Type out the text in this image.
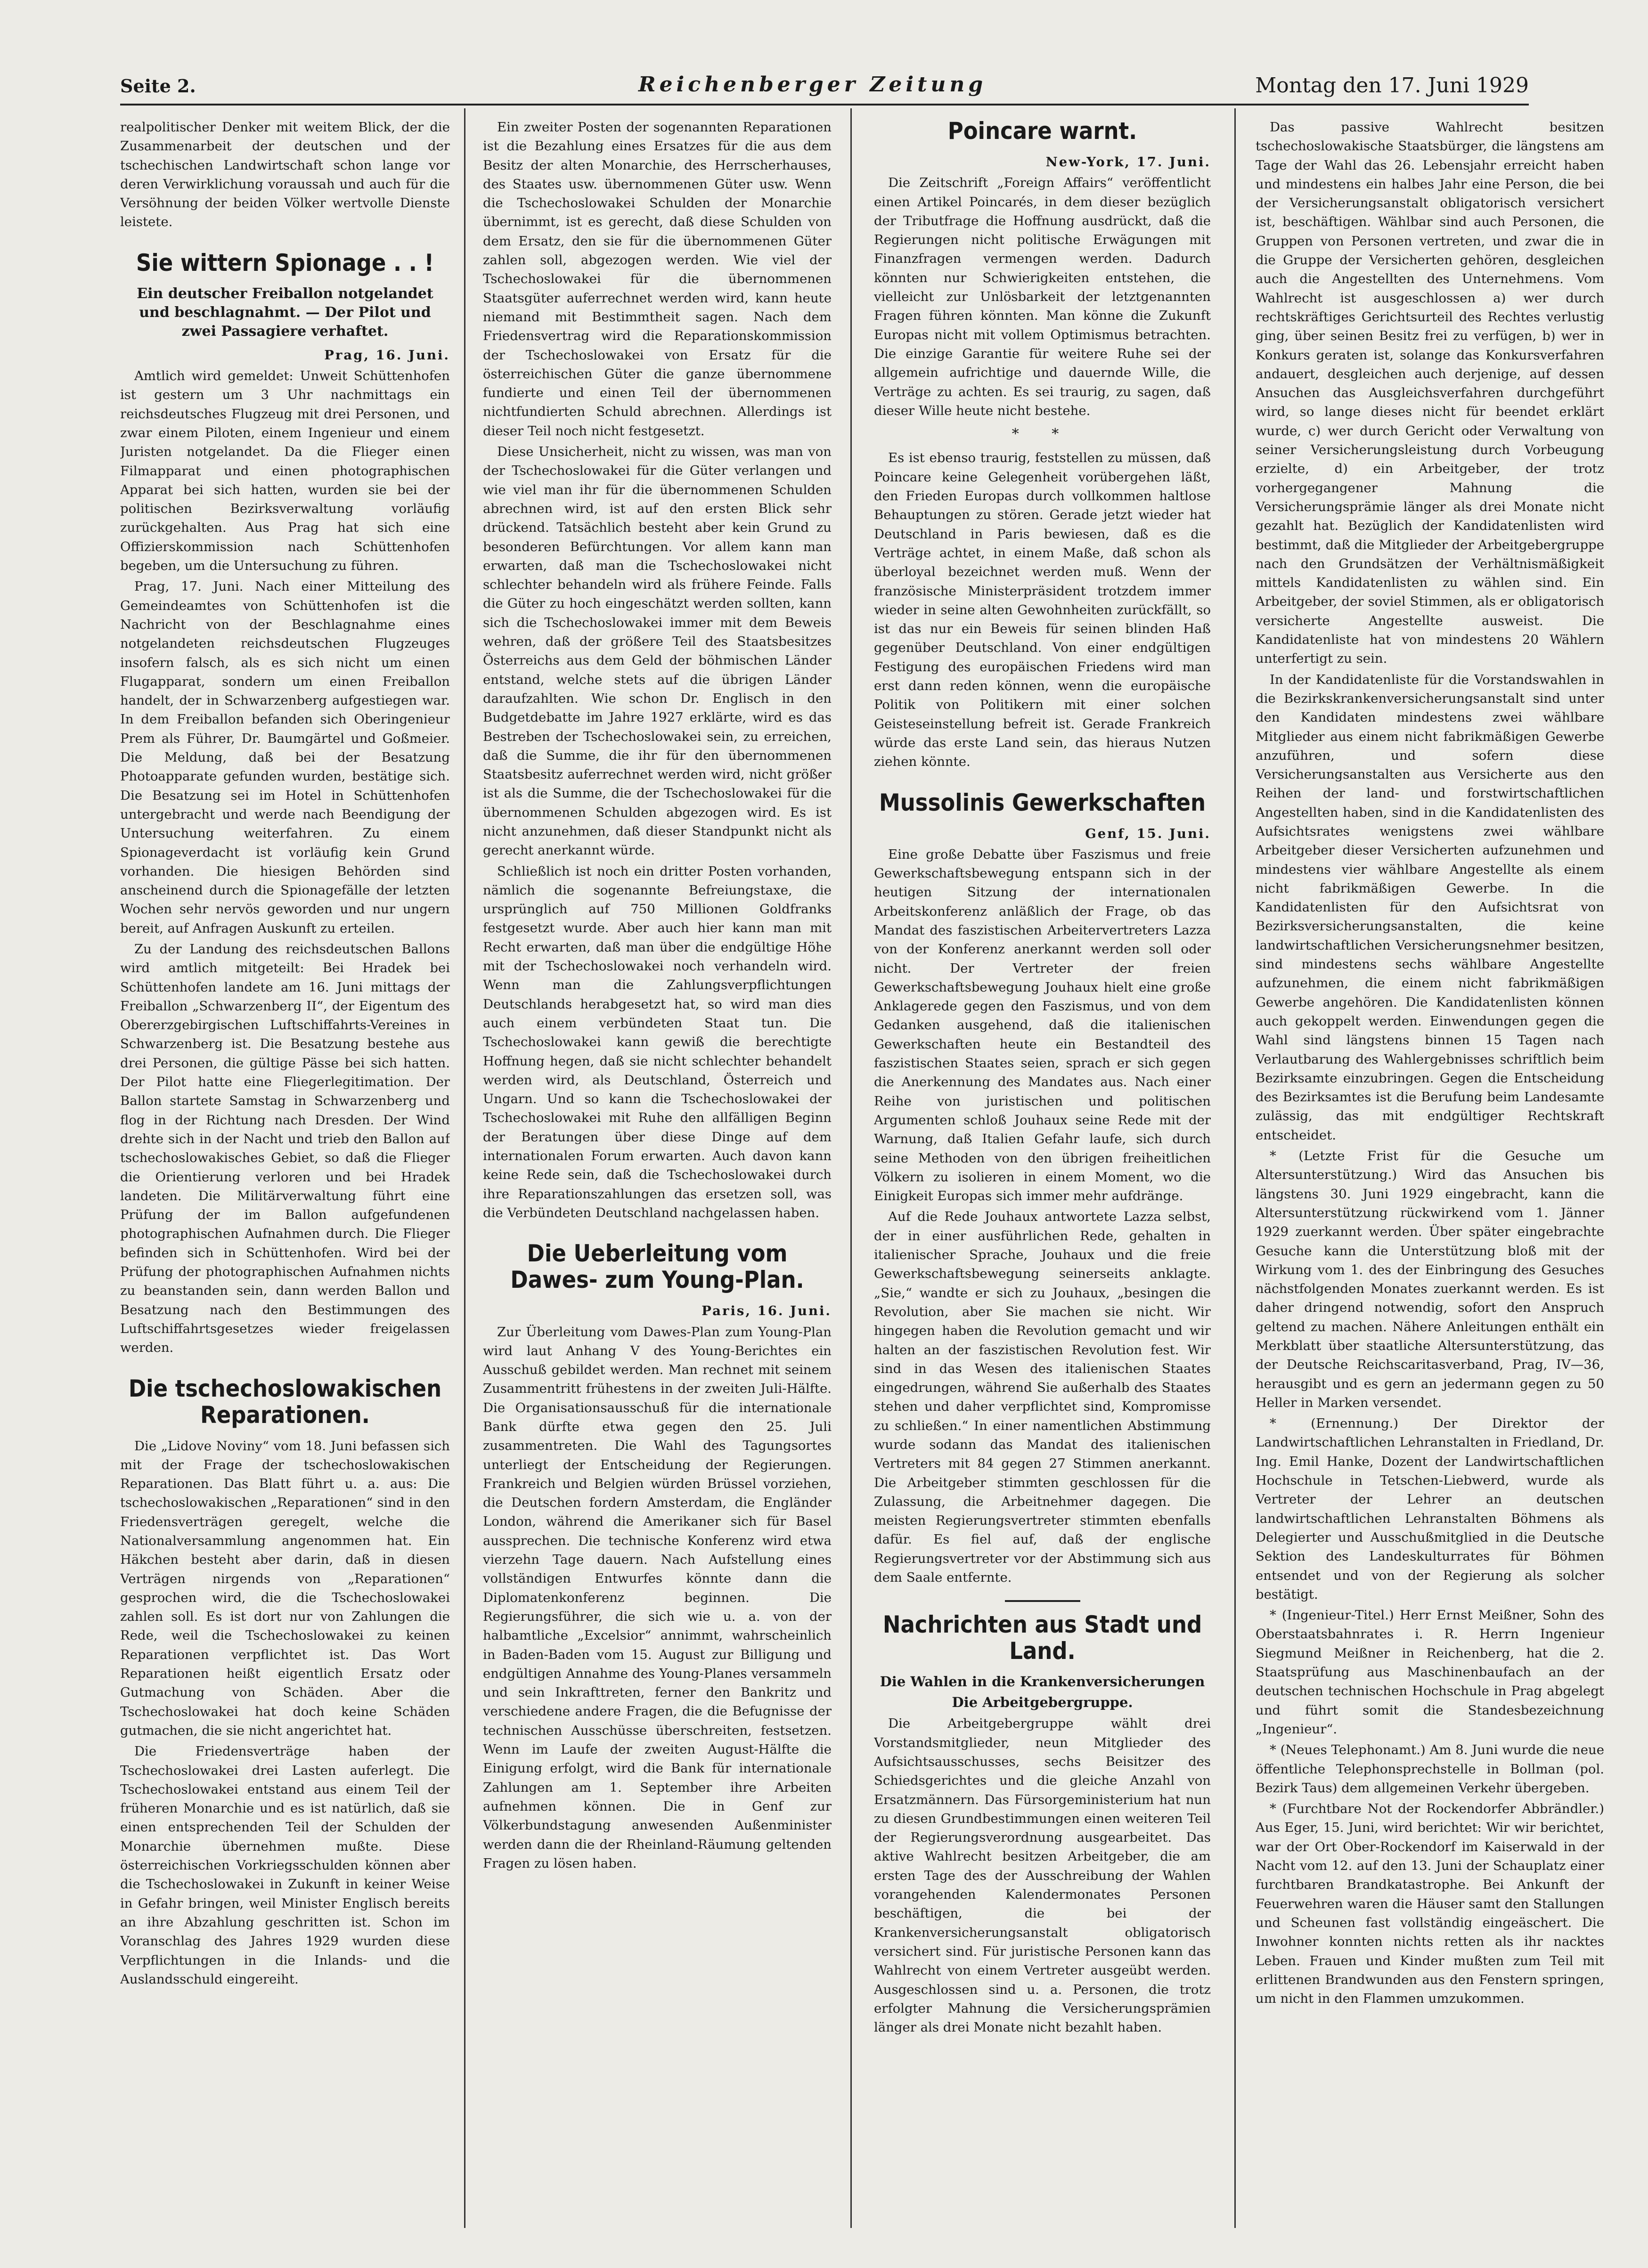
Seite 2.	Reichenberger Zeitung	Montag den 17. Juni 1929

realpolitischer Denker mit weitem Blick, der die Zusammenarbeit der deutschen und der tschechischen Landwirtschaft schon lange vor deren Verwirklichung voraussah und auch für die Versöhnung der beiden Völker wertvolle Dienste leistete.

Sie wittern Spionage . . !
Ein deutscher Freiballon notgelandet und beschlagnahmt. — Der Pilot und zwei Passagiere verhaftet.
Prag, 16. Juni.

Amtlich wird gemeldet: Unweit Schüttenhofen ist gestern um 3 Uhr nachmittags ein reichsdeutsches Flugzeug mit drei Personen, und zwar einem Piloten, einem Ingenieur und einem Juristen notgelandet. Da die Flieger einen Filmapparat und einen photographischen Apparat bei sich hatten, wurden sie bei der politischen Bezirksverwaltung vorläufig zurückgehalten. Aus Prag hat sich eine Offizierskommission nach Schüttenhofen begeben, um die Untersuchung zu führen.

Prag, 17. Juni. Nach einer Mitteilung des Gemeindeamtes von Schüttenhofen ist die Nachricht von der Beschlagnahme eines notgelandeten reichsdeutschen Flugzeuges insofern falsch, als es sich nicht um einen Flugapparat, sondern um einen Freiballon handelt, der in Schwarzenberg aufgestiegen war. In dem Freiballon befanden sich Oberingenieur Prem als Führer, Dr. Baumgärtel und Goßmeier. Die Meldung, daß bei der Besatzung Photoapparate gefunden wurden, bestätige sich. Die Besatzung sei im Hotel in Schüttenhofen untergebracht und werde nach Beendigung der Untersuchung weiterfahren. Zu einem Spionageverdacht ist vorläufig kein Grund vorhanden. Die hiesigen Behörden sind anscheinend durch die Spionagefälle der letzten Wochen sehr nervös geworden und nur ungern bereit, auf Anfragen Auskunft zu erteilen.

Zu der Landung des reichsdeutschen Ballons wird amtlich mitgeteilt: Bei Hradek bei Schüttenhofen landete am 16. Juni mittags der Freiballon „Schwarzenberg II“, der Eigentum des Obererzgebirgischen Luftschiffahrts-Vereines in Schwarzenberg ist. Die Besatzung bestehe aus drei Personen, die gültige Pässe bei sich hatten. Der Pilot hatte eine Fliegerlegitimation. Der Ballon startete Samstag in Schwarzenberg und flog in der Richtung nach Dresden. Der Wind drehte sich in der Nacht und trieb den Ballon auf tschechoslowakisches Gebiet, so daß die Flieger die Orientierung verloren und bei Hradek landeten. Die Militärverwaltung führt eine Prüfung der im Ballon aufgefundenen photographischen Aufnahmen durch. Die Flieger befinden sich in Schüttenhofen. Wird bei der Prüfung der photographischen Aufnahmen nichts zu beanstanden sein, dann werden Ballon und Besatzung nach den Bestimmungen des Luftschiffahrtsgesetzes wieder freigelassen werden.

Die tschechoslowakischen Reparationen.

Die „Lidove Noviny“ vom 18. Juni befassen sich mit der Frage der tschechoslowakischen Reparationen. Das Blatt führt u. a. aus: Die tschechoslowakischen „Reparationen“ sind in den Friedensverträgen geregelt, welche die Nationalversammlung angenommen hat. Ein Häkchen besteht aber darin, daß in diesen Verträgen nirgends von „Reparationen“ gesprochen wird, die die Tschechoslowakei zahlen soll. Es ist dort nur von Zahlungen die Rede, weil die Tschechoslowakei zu keinen Reparationen verpflichtet ist. Das Wort Reparationen heißt eigentlich Ersatz oder Gutmachung von Schäden. Aber die Tschechoslowakei hat doch keine Schäden gutmachen, die sie nicht angerichtet hat.

Die Friedensverträge haben der Tschechoslowakei drei Lasten auferlegt. Die Tschechoslowakei entstand aus einem Teil der früheren Monarchie und es ist natürlich, daß sie einen entsprechenden Teil der Schulden der Monarchie übernehmen mußte. Diese österreichischen Vorkriegsschulden können aber die Tschechoslowakei in Zukunft in keiner Weise in Gefahr bringen, weil Minister Englisch bereits an ihre Abzahlung geschritten ist. Schon im Voranschlag des Jahres 1929 wurden diese Verpflichtungen in die Inlands- und die Auslandsschuld eingereiht.

Ein zweiter Posten der sogenannten Reparationen ist die Bezahlung eines Ersatzes für die aus dem Besitz der alten Monarchie, des Herrscherhauses, des Staates usw. übernommenen Güter usw. Wenn die Tschechoslowakei Schulden der Monarchie übernimmt, ist es gerecht, daß diese Schulden von dem Ersatz, den sie für die übernommenen Güter zahlen soll, abgezogen werden. Wie viel der Tschechoslowakei für die übernommenen Staatsgüter auferrechnet werden wird, kann heute niemand mit Bestimmtheit sagen. Nach dem Friedensvertrag wird die Reparationskommission der Tschechoslowakei von Ersatz für die österreichischen Güter die ganze übernommene fundierte und einen Teil der übernommenen nichtfundierten Schuld abrechnen. Allerdings ist dieser Teil noch nicht festgesetzt.

Diese Unsicherheit, nicht zu wissen, was man von der Tschechoslowakei für die Güter verlangen und wie viel man ihr für die übernommenen Schulden abrechnen wird, ist auf den ersten Blick sehr drückend. Tatsächlich besteht aber kein Grund zu besonderen Befürchtungen. Vor allem kann man erwarten, daß man die Tschechoslowakei nicht schlechter behandeln wird als frühere Feinde. Falls die Güter zu hoch eingeschätzt werden sollten, kann sich die Tschechoslowakei immer mit dem Beweis wehren, daß der größere Teil des Staatsbesitzes Österreichs aus dem Geld der böhmischen Länder entstand, welche stets auf die übrigen Länder daraufzahlten. Wie schon Dr. Englisch in den Budgetdebatte im Jahre 1927 erklärte, wird es das Bestreben der Tschechoslowakei sein, zu erreichen, daß die Summe, die ihr für den übernommenen Staatsbesitz auferrechnet werden wird, nicht größer ist als die Summe, die der Tschechoslowakei für die übernommenen Schulden abgezogen wird. Es ist nicht anzunehmen, daß dieser Standpunkt nicht als gerecht anerkannt würde.

Schließlich ist noch ein dritter Posten vorhanden, nämlich die sogenannte Befreiungstaxe, die ursprünglich auf 750 Millionen Goldfranks festgesetzt wurde. Aber auch hier kann man mit Recht erwarten, daß man über die endgültige Höhe mit der Tschechoslowakei noch verhandeln wird. Wenn man die Zahlungsverpflichtungen Deutschlands herabgesetzt hat, so wird man dies auch einem verbündeten Staat tun. Die Tschechoslowakei kann gewiß die berechtigte Hoffnung hegen, daß sie nicht schlechter behandelt werden wird, als Deutschland, Österreich und Ungarn. Und so kann die Tschechoslowakei der Tschechoslowakei mit Ruhe den allfälligen Beginn der Beratungen über diese Dinge auf dem internationalen Forum erwarten. Auch davon kann keine Rede sein, daß die Tschechoslowakei durch ihre Reparationszahlungen das ersetzen soll, was die Verbündeten Deutschland nachgelassen haben.

Die Ueberleitung vom Dawes- zum Young-Plan.
Paris, 16. Juni.

Zur Überleitung vom Dawes-Plan zum Young-Plan wird laut Anhang V des Young-Berichtes ein Ausschuß gebildet werden. Man rechnet mit seinem Zusammentritt frühestens in der zweiten Juli-Hälfte. Die Organisationsausschuß für die internationale Bank dürfte etwa gegen den 25. Juli zusammentreten. Die Wahl des Tagungsortes unterliegt der Entscheidung der Regierungen. Frankreich und Belgien würden Brüssel vorziehen, die Deutschen fordern Amsterdam, die Engländer London, während die Amerikaner sich für Basel aussprechen. Die technische Konferenz wird etwa vierzehn Tage dauern. Nach Aufstellung eines vollständigen Entwurfes könnte dann die Diplomatenkonferenz beginnen. Die Regierungsführer, die sich wie u. a. von der halbamtliche „Excelsior“ annimmt, wahrscheinlich in Baden-Baden vom 15. August zur Billigung und endgültigen Annahme des Young-Planes versammeln und sein Inkrafttreten, ferner den Bankritz und verschiedene andere Fragen, die die Befugnisse der technischen Ausschüsse überschreiten, festsetzen. Wenn im Laufe der zweiten August-Hälfte die Einigung erfolgt, wird die Bank für internationale Zahlungen am 1. September ihre Arbeiten aufnehmen können. Die in Genf zur Völkerbundstagung anwesenden Außenminister werden dann die der Rheinland-Räumung geltenden Fragen zu lösen haben.

Poincare warnt.
New-York, 17. Juni.

Die Zeitschrift „Foreign Affairs“ veröffentlicht einen Artikel Poincarés, in dem dieser bezüglich der Tributfrage die Hoffnung ausdrückt, daß die Regierungen nicht politische Erwägungen mit Finanzfragen vermengen werden. Dadurch könnten nur Schwierigkeiten entstehen, die vielleicht zur Unlösbarkeit der letztgenannten Fragen führen könnten. Man könne die Zukunft Europas nicht mit vollem Optimismus betrachten. Die einzige Garantie für weitere Ruhe sei der allgemein aufrichtige und dauernde Wille, die Verträge zu achten. Es sei traurig, zu sagen, daß dieser Wille heute nicht bestehe.

* *

Es ist ebenso traurig, feststellen zu müssen, daß Poincare keine Gelegenheit vorübergehen läßt, den Frieden Europas durch vollkommen haltlose Behauptungen zu stören. Gerade jetzt wieder hat Deutschland in Paris bewiesen, daß es die Verträge achtet, in einem Maße, daß schon als überloyal bezeichnet werden muß. Wenn der französische Ministerpräsident trotzdem immer wieder in seine alten Gewohnheiten zurückfällt, so ist das nur ein Beweis für seinen blinden Haß gegenüber Deutschland. Von einer endgültigen Festigung des europäischen Friedens wird man erst dann reden können, wenn die europäische Politik von Politikern mit einer solchen Geisteseinstellung befreit ist. Gerade Frankreich würde das erste Land sein, das hieraus Nutzen ziehen könnte.

Mussolinis Gewerkschaften
Genf, 15. Juni.

Eine große Debatte über Faszismus und freie Gewerkschaftsbewegung entspann sich in der heutigen Sitzung der internationalen Arbeitskonferenz anläßlich der Frage, ob das Mandat des faszistischen Arbeitervertreters Lazza von der Konferenz anerkannt werden soll oder nicht. Der Vertreter der freien Gewerkschaftsbewegung Jouhaux hielt eine große Anklagerede gegen den Faszismus, und von dem Gedanken ausgehend, daß die italienischen Gewerkschaften heute ein Bestandteil des faszistischen Staates seien, sprach er sich gegen die Anerkennung des Mandates aus. Nach einer Reihe von juristischen und politischen Argumenten schloß Jouhaux seine Rede mit der Warnung, daß Italien Gefahr laufe, sich durch seine Methoden von den übrigen freiheitlichen Völkern zu isolieren in einem Moment, wo die Einigkeit Europas sich immer mehr aufdränge.

Auf die Rede Jouhaux antwortete Lazza selbst, der in einer ausführlichen Rede, gehalten in italienischer Sprache, Jouhaux und die freie Gewerkschaftsbewegung seinerseits anklagte. „Sie,“ wandte er sich zu Jouhaux, „besingen die Revolution, aber Sie machen sie nicht. Wir hingegen haben die Revolution gemacht und wir halten an der faszistischen Revolution fest. Wir sind in das Wesen des italienischen Staates eingedrungen, während Sie außerhalb des Staates stehen und daher verpflichtet sind, Kompromisse zu schließen.“ In einer namentlichen Abstimmung wurde sodann das Mandat des italienischen Vertreters mit 84 gegen 27 Stimmen anerkannt. Die Arbeitgeber stimmten geschlossen für die Zulassung, die Arbeitnehmer dagegen. Die meisten Regierungsvertreter stimmten ebenfalls dafür. Es fiel auf, daß der englische Regierungsvertreter vor der Abstimmung sich aus dem Saale entfernte.

Nachrichten aus Stadt und Land.
Die Wahlen in die Krankenversicherungen
Die Arbeitgebergruppe.

Die Arbeitgebergruppe wählt drei Vorstandsmitglieder, neun Mitglieder des Aufsichtsausschusses, sechs Beisitzer des Schiedsgerichtes und die gleiche Anzahl von Ersatzmännern. Das Fürsorgeministerium hat nun zu diesen Grundbestimmungen einen weiteren Teil der Regierungsverordnung ausgearbeitet. Das aktive Wahlrecht besitzen Arbeitgeber, die am ersten Tage des der Ausschreibung der Wahlen vorangehenden Kalendermonates Personen beschäftigen, die bei der Krankenversicherungsanstalt obligatorisch versichert sind. Für juristische Personen kann das Wahlrecht von einem Vertreter ausgeübt werden. Ausgeschlossen sind u. a. Personen, die trotz erfolgter Mahnung die Versicherungsprämien länger als drei Monate nicht bezahlt haben.

Das passive Wahlrecht besitzen tschechoslowakische Staatsbürger, die längstens am Tage der Wahl das 26. Lebensjahr erreicht haben und mindestens ein halbes Jahr eine Person, die bei der Versicherungsanstalt obligatorisch versichert ist, beschäftigen. Wählbar sind auch Personen, die Gruppen von Personen vertreten, und zwar die in die Gruppe der Versicherten gehören, desgleichen auch die Angestellten des Unternehmens. Vom Wahlrecht ist ausgeschlossen a) wer durch rechtskräftiges Gerichtsurteil des Rechtes verlustig ging, über seinen Besitz frei zu verfügen, b) wer in Konkurs geraten ist, solange das Konkursverfahren andauert, desgleichen auch derjenige, auf dessen Ansuchen das Ausgleichsverfahren durchgeführt wird, so lange dieses nicht für beendet erklärt wurde, c) wer durch Gericht oder Verwaltung von seiner Versicherungsleistung durch Vorbeugung erzielte, d) ein Arbeitgeber, der trotz vorhergegangener Mahnung die Versicherungsprämie länger als drei Monate nicht gezahlt hat. Bezüglich der Kandidatenlisten wird bestimmt, daß die Mitglieder der Arbeitgebergruppe nach den Grundsätzen der Verhältnismäßigkeit mittels Kandidatenlisten zu wählen sind. Ein Arbeitgeber, der soviel Stimmen, als er obligatorisch versicherte Angestellte ausweist. Die Kandidatenliste hat von mindestens 20 Wählern unterfertigt zu sein.

In der Kandidatenliste für die Vorstandswahlen in die Bezirkskrankenversicherungsanstalt sind unter den Kandidaten mindestens zwei wählbare Mitglieder aus einem nicht fabrikmäßigen Gewerbe anzuführen, und sofern diese Versicherungsanstalten aus Versicherte aus den Reihen der land- und forstwirtschaftlichen Angestellten haben, sind in die Kandidatenlisten des Aufsichtsrates wenigstens zwei wählbare Arbeitgeber dieser Versicherten aufzunehmen und mindestens vier wählbare Angestellte als einem nicht fabrikmäßigen Gewerbe. In die Kandidatenlisten für den Aufsichtsrat von Bezirksversicherungsanstalten, die keine landwirtschaftlichen Versicherungsnehmer besitzen, sind mindestens sechs wählbare Angestellte aufzunehmen, die einem nicht fabrikmäßigen Gewerbe angehören. Die Kandidatenlisten können auch gekoppelt werden. Einwendungen gegen die Wahl sind längstens binnen 15 Tagen nach Verlautbarung des Wahlergebnisses schriftlich beim Bezirksamte einzubringen. Gegen die Entscheidung des Bezirksamtes ist die Berufung beim Landesamte zulässig, das mit endgültiger Rechtskraft entscheidet.

* (Letzte Frist für die Gesuche um Altersunterstützung.) Wird das Ansuchen bis längstens 30. Juni 1929 eingebracht, kann die Altersunterstützung rückwirkend vom 1. Jänner 1929 zuerkannt werden. Über später eingebrachte Gesuche kann die Unterstützung bloß mit der Wirkung vom 1. des der Einbringung des Gesuches nächstfolgenden Monates zuerkannt werden. Es ist daher dringend notwendig, sofort den Anspruch geltend zu machen. Nähere Anleitungen enthält ein Merkblatt über staatliche Altersunterstützung, das der Deutsche Reichscaritasverband, Prag, IV—36, herausgibt und es gern an jedermann gegen zu 50 Heller in Marken versendet.

* (Ernennung.) Der Direktor der Landwirtschaftlichen Lehranstalten in Friedland, Dr. Ing. Emil Hanke, Dozent der Landwirtschaftlichen Hochschule in Tetschen-Liebwerd, wurde als Vertreter der Lehrer an deutschen landwirtschaftlichen Lehranstalten Böhmens als Delegierter und Ausschußmitglied in die Deutsche Sektion des Landeskulturrates für Böhmen entsendet und von der Regierung als solcher bestätigt.

* (Ingenieur-Titel.) Herr Ernst Meißner, Sohn des Oberstaatsbahnrates i. R. Herrn Ingenieur Siegmund Meißner in Reichenberg, hat die 2. Staatsprüfung aus Maschinenbaufach an der deutschen technischen Hochschule in Prag abgelegt und führt somit die Standesbezeichnung „Ingenieur“.

* (Neues Telephonamt.) Am 8. Juni wurde die neue öffentliche Telephonsprechstelle in Bollman (pol. Bezirk Taus) dem allgemeinen Verkehr übergeben.

* (Furchtbare Not der Rockendorfer Abbrändler.) Aus Eger, 15. Juni, wird berichtet: Wir wir berichtet, war der Ort Ober-Rockendorf im Kaiserwald in der Nacht vom 12. auf den 13. Juni der Schauplatz einer furchtbaren Brandkatastrophe. Bei Ankunft der Feuerwehren waren die Häuser samt den Stallungen und Scheunen fast vollständig eingeäschert. Die Inwohner konnten nichts retten als ihr nacktes Leben. Frauen und Kinder mußten zum Teil mit erlittenen Brandwunden aus den Fenstern springen, um nicht in den Flammen umzukommen.
